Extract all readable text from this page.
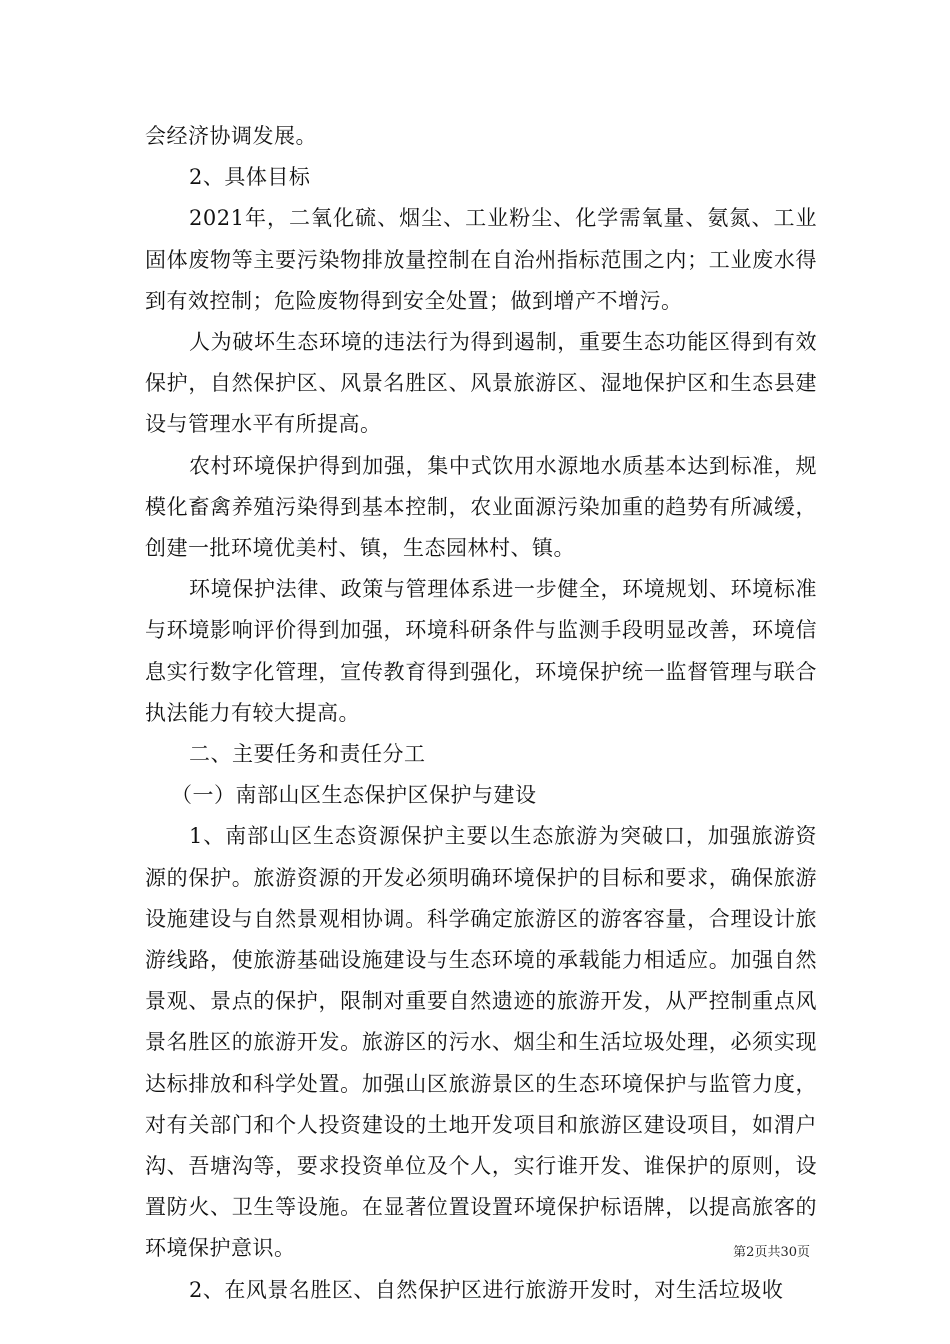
会经济协调发展。

2、具体目标

2021年，二氧化硫、烟尘、工业粉尘、化学需氧量、氨氮、工业固体废物等主要污染物排放量控制在自治州指标范围之内；工业废水得到有效控制；危险废物得到安全处置；做到增产不增污。

人为破坏生态环境的违法行为得到遏制，重要生态功能区得到有效保护，自然保护区、风景名胜区、风景旅游区、湿地保护区和生态县建设与管理水平有所提高。

农村环境保护得到加强，集中式饮用水源地水质基本达到标准，规模化畜禽养殖污染得到基本控制，农业面源污染加重的趋势有所减缓，创建一批环境优美村、镇，生态园林村、镇。

环境保护法律、政策与管理体系进一步健全，环境规划、环境标准与环境影响评价得到加强，环境科研条件与监测手段明显改善，环境信息实行数字化管理，宣传教育得到强化，环境保护统一监督管理与联合执法能力有较大提高。

二、主要任务和责任分工

（一）南部山区生态保护区保护与建设

1、南部山区生态资源保护主要以生态旅游为突破口，加强旅游资源的保护。旅游资源的开发必须明确环境保护的目标和要求，确保旅游设施建设与自然景观相协调。科学确定旅游区的游客容量，合理设计旅游线路，使旅游基础设施建设与生态环境的承载能力相适应。加强自然景观、景点的保护，限制对重要自然遗迹的旅游开发，从严控制重点风景名胜区的旅游开发。旅游区的污水、烟尘和生活垃圾处理，必须实现达标排放和科学处置。加强山区旅游景区的生态环境保护与监管力度，对有关部门和个人投资建设的土地开发项目和旅游区建设项目，如渭户沟、吾塘沟等，要求投资单位及个人，实行谁开发、谁保护的原则，设置防火、卫生等设施。在显著位置设置环境保护标语牌，以提高旅客的环境保护意识。

2、在风景名胜区、自然保护区进行旅游开发时，对生活垃圾收

第2页共30页
